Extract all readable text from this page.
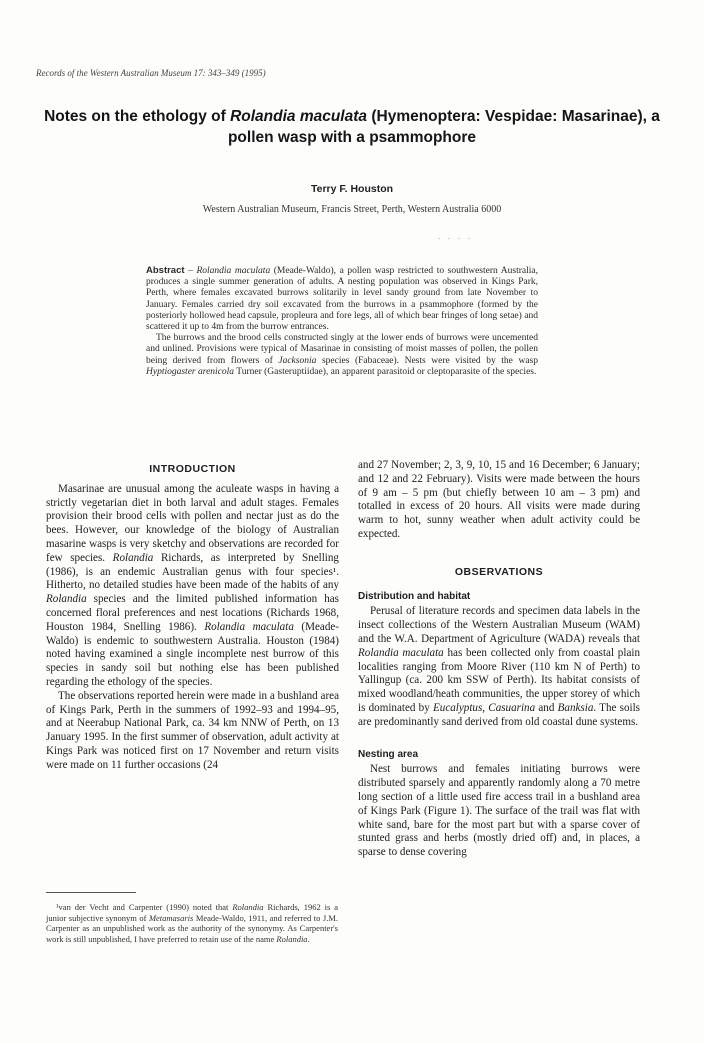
Records of the Western Australian Museum 17: 343–349 (1995)
Notes on the ethology of Rolandia maculata (Hymenoptera: Vespidae: Masarinae), a pollen wasp with a psammophore
Terry F. Houston
Western Australian Museum, Francis Street, Perth, Western Australia 6000
. . . .

Abstract – Rolandia maculata (Meade-Waldo), a pollen wasp restricted to southwestern Australia, produces a single summer generation of adults. A nesting population was observed in Kings Park, Perth, where females excavated burrows solitarily in level sandy ground from late November to January. Females carried dry soil excavated from the burrows in a psammophore (formed by the posteriorly hollowed head capsule, propleura and fore legs, all of which bear fringes of long setae) and scattered it up to 4m from the burrow entrances.

The burrows and the brood cells constructed singly at the lower ends of burrows were uncemented and unlined. Provisions were typical of Masarinae in consisting of moist masses of pollen, the pollen being derived from flowers of Jacksonia species (Fabaceae). Nests were visited by the wasp Hyptiogaster arenicola Turner (Gasteruptiidae), an apparent parasitoid or cleptoparasite of the species.

INTRODUCTION

Masarinae are unusual among the aculeate wasps in having a strictly vegetarian diet in both larval and adult stages. Females provision their brood cells with pollen and nectar just as do the bees. However, our knowledge of the biology of Australian masarine wasps is very sketchy and observations are recorded for few species. Rolandia Richards, as interpreted by Snelling (1986), is an endemic Australian genus with four species¹. Hitherto, no detailed studies have been made of the habits of any Rolandia species and the limited published information has concerned floral preferences and nest locations (Richards 1968, Houston 1984, Snelling 1986). Rolandia maculata (Meade-Waldo) is endemic to southwestern Australia. Houston (1984) noted having examined a single incomplete nest burrow of this species in sandy soil but nothing else has been published regarding the ethology of the species.

The observations reported herein were made in a bushland area of Kings Park, Perth in the summers of 1992–93 and 1994–95, and at Neerabup National Park, ca. 34 km NNW of Perth, on 13 January 1995. In the first summer of observation, adult activity at Kings Park was noticed first on 17 November and return visits were made on 11 further occasions (24

and 27 November; 2, 3, 9, 10, 15 and 16 December; 6 January; and 12 and 22 February). Visits were made between the hours of 9 am – 5 pm (but chiefly between 10 am – 3 pm) and totalled in excess of 20 hours. All visits were made during warm to hot, sunny weather when adult activity could be expected.

OBSERVATIONS
Distribution and habitat

Perusal of literature records and specimen data labels in the insect collections of the Western Australian Museum (WAM) and the W.A. Department of Agriculture (WADA) reveals that Rolandia maculata has been collected only from coastal plain localities ranging from Moore River (110 km N of Perth) to Yallingup (ca. 200 km SSW of Perth). Its habitat consists of mixed woodland/heath communities, the upper storey of which is dominated by Eucalyptus, Casuarina and Banksia. The soils are predominantly sand derived from old coastal dune systems.

Nesting area

Nest burrows and females initiating burrows were distributed sparsely and apparently randomly along a 70 metre long section of a little used fire access trail in a bushland area of Kings Park (Figure 1). The surface of the trail was flat with white sand, bare for the most part but with a sparse cover of stunted grass and herbs (mostly dried off) and, in places, a sparse to dense covering

¹van der Vecht and Carpenter (1990) noted that Rolandia Richards, 1962 is a junior subjective synonym of Metamasaris Meade-Waldo, 1911, and referred to J.M. Carpenter as an unpublished work as the authority of the synonymy. As Carpenter's work is still unpublished, I have preferred to retain use of the name Rolandia.
